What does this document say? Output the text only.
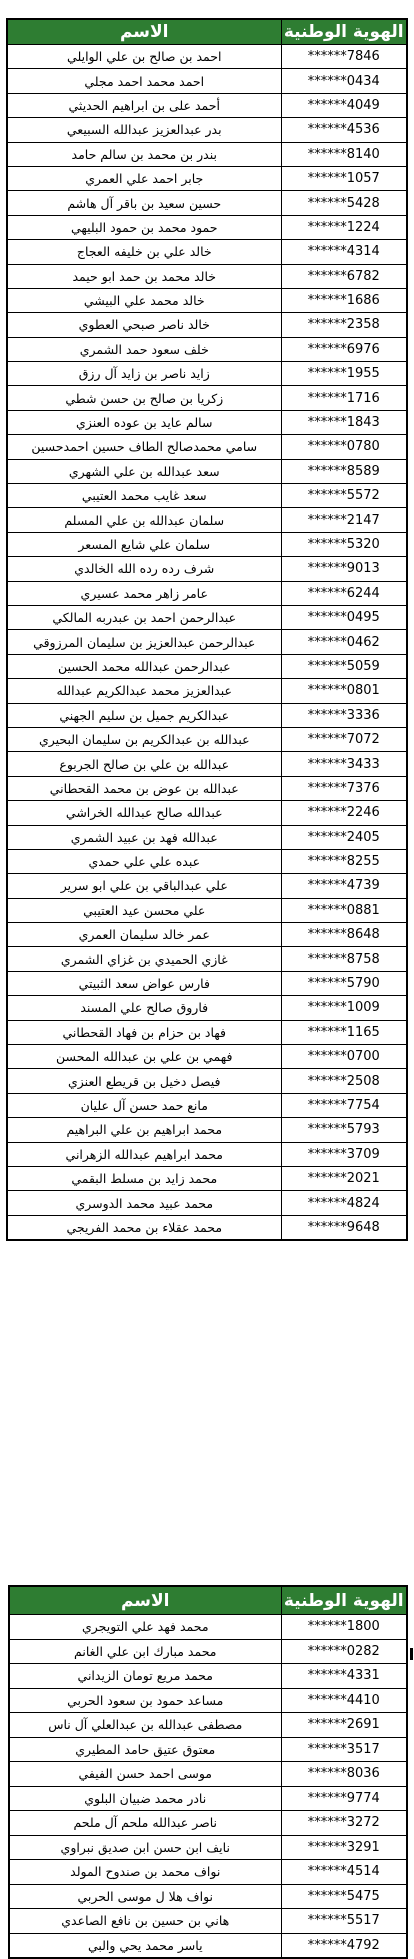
الهوية الوطنية	الاسم
******7846	احمد بن صالح بن علي الوايلي
******0434	احمد محمد احمد مجلي
******4049	أحمد على بن ابراهيم الحديثي
******4536	بدر عبدالعزيز عبدالله السبيعي
******8140	بندر بن محمد بن سالم حامد
******1057	جابر احمد علي العمري
******5428	حسين سعيد بن باقر آل هاشم
******1224	حمود محمد بن حمود البليهي
******4314	خالد علي بن خليفه العجاج
******6782	خالد محمد بن حمد ابو حيمد
******1686	خالد محمد علي البيشي
******2358	خالد ناصر صبحي العطوي
******6976	خلف سعود حمد الشمري
******1955	زايد ناصر بن زايد آل رزق
******1716	زكريا بن صالح بن حسن شطي
******1843	سالم عايد بن عوده العنزي
******0780	سامي محمدصالح الطاف حسين احمدحسين
******8589	سعد عبدالله بن علي الشهري
******5572	سعد غايب محمد العتيبي
******2147	سلمان عبدالله بن علي المسلم
******5320	سلمان علي شايع المسعر
******9013	شرف رده رده الله الخالدي
******6244	عامر زاهر محمد عسيري
******0495	عبدالرحمن احمد بن عبدربه المالكي
******0462	عبدالرحمن عبدالعزيز بن سليمان المرزوقي
******5059	عبدالرحمن عبدالله محمد الحسين
******0801	عبدالعزيز محمد عبدالكريم عبدالله
******3336	عبدالكريم جميل بن سليم الجهني
******7072	عبدالله بن عبدالكريم بن سليمان البحيري
******3433	عبدالله بن علي بن صالح الجربوع
******7376	عبدالله بن عوض بن محمد القحطاني
******2246	عبدالله صالح عبدالله الخراشي
******2405	عبدالله فهد بن عبيد الشمري
******8255	عبده علي علي حمدي
******4739	علي عبدالباقي بن علي ابو سرير
******0881	علي محسن عيد العتيبي
******8648	عمر خالد سليمان العمري
******8758	غازي الحميدي بن غزاي الشمري
******5790	فارس عواض سعد الثبيتي
******1009	فاروق صالح علي المسند
******1165	فهاد بن حزام بن فهاد القحطاني
******0700	فهمي بن علي بن عبدالله المحسن
******2508	فيصل دخيل بن قريطع العنزي
******7754	مانع حمد حسن آل عليان
******5793	محمد ابراهيم بن علي البراهيم
******3709	محمد ابراهيم عبدالله الزهراني
******2021	محمد زايد بن مسلط البقمي
******4824	محمد عبيد محمد الدوسري
******9648	محمد عقلاء بن محمد الفريجي
الهوية الوطنية	الاسم
******1800	محمد فهد علي التويجري
******0282	محمد مبارك ابن علي الغانم
******4331	محمد مريع تومان الزيداني
******4410	مساعد حمود بن سعود الحربي
******2691	مصطفى عبدالله بن عبدالعلي آل ناس
******3517	معتوق عتيق حامد المطيري
******8036	موسى احمد حسن الفيفي
******9774	نادر محمد ضبيان البلوي
******3272	ناصر عبدالله ملحم آل ملحم
******3291	نايف ابن حسن ابن صديق نبراوي
******4514	نواف محمد بن صندوح المولد
******5475	نواف هلا ل موسى الحربي
******5517	هاني بن حسين بن نافع الصاعدي
******4792	ياسر محمد يحي والبي
